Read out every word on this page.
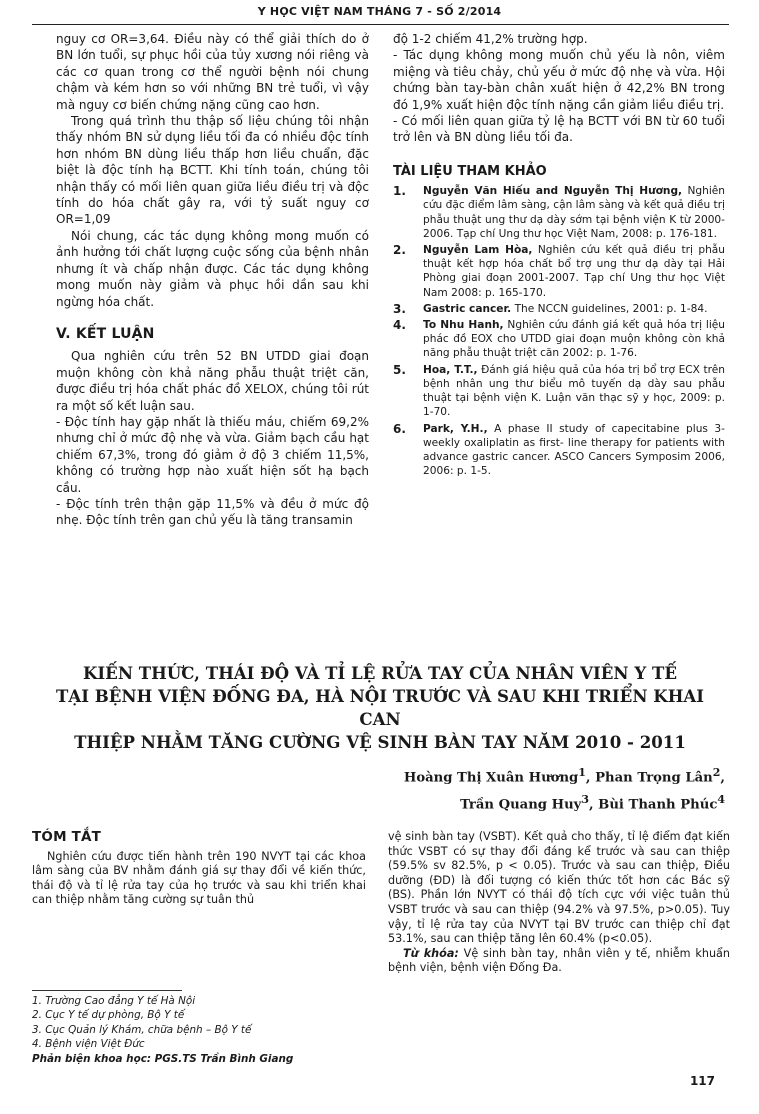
Y HỌC VIỆT NAM THÁNG 7 - SỐ 2/2014

nguy cơ OR=3,64. Điều này có thể giải thích do ở BN lớn tuổi, sự phục hồi của tủy xương nói riêng và các cơ quan trong cơ thể người bệnh nói chung chậm và kém hơn so với những BN trẻ tuổi, vì vậy mà nguy cơ biến chứng nặng cũng cao hơn.

Trong quá trình thu thập số liệu chúng tôi nhận thấy nhóm BN sử dụng liều tối đa có nhiều độc tính hơn nhóm BN dùng liều thấp hơn liều chuẩn, đặc biệt là độc tính hạ BCTT. Khi tính toán, chúng tôi nhận thấy có mối liên quan giữa liều điều trị và độc tính do hóa chất gây ra, với tỷ suất nguy cơ OR=1,09

Nói chung, các tác dụng không mong muốn có ảnh hưởng tới chất lượng cuộc sống của bệnh nhân nhưng ít và chấp nhận được. Các tác dụng không mong muốn này giảm và phục hồi dần sau khi ngừng hóa chất.

V. KẾT LUẬN

Qua nghiên cứu trên 52 BN UTDD giai đoạn muộn không còn khả năng phẫu thuật triệt căn, được điều trị hóa chất phác đồ XELOX, chúng tôi rút ra một số kết luận sau.

- Độc tính hay gặp nhất là thiếu máu, chiếm 69,2% nhưng chỉ ở mức độ nhẹ và vừa. Giảm bạch cầu hạt chiếm 67,3%, trong đó giảm ở độ 3 chiếm 11,5%, không có trường hợp nào xuất hiện sốt hạ bạch cầu.

- Độc tính trên thận gặp 11,5% và đều ở mức độ nhẹ. Độc tính trên gan chủ yếu là tăng transamin

độ 1-2 chiếm 41,2% trường hợp.

- Tác dụng không mong muốn chủ yếu là nôn, viêm miệng và tiêu chảy, chủ yếu ở mức độ nhẹ và vừa. Hội chứng bàn tay-bàn chân xuất hiện ở 42,2% BN trong đó 1,9% xuất hiện độc tính nặng cần giảm liều điều trị.

- Có mối liên quan giữa tỷ lệ hạ BCTT với BN từ 60 tuổi trở lên và BN dùng liều tối đa.

TÀI LIỆU THAM KHẢO

1. Nguyễn Văn Hiếu and Nguyễn Thị Hương, Nghiên cứu đặc điểm lâm sàng, cận lâm sàng và kết quả điều trị phẫu thuật ung thư dạ dày sớm tại bệnh viện K từ 2000-2006. Tạp chí Ung thư học Việt Nam, 2008: p. 176-181.
2. Nguyễn Lam Hòa, Nghiên cứu kết quả điều trị phẫu thuật kết hợp hóa chất bổ trợ ung thư dạ dày tại Hải Phòng giai đoạn 2001-2007. Tạp chí Ung thư học Việt Nam 2008: p. 165-170.
3. Gastric cancer. The NCCN guidelines, 2001: p. 1-84.
4. To Nhu Hanh, Nghiên cứu đánh giá kết quả hóa trị liệu phác đồ EOX cho UTDD giai đoạn muộn không còn khả năng phẫu thuật triệt căn 2002: p. 1-76.
5. Hoa, T.T., Đánh giá hiệu quả của hóa trị bổ trợ ECX trên bệnh nhân ung thư biểu mô tuyến dạ dày sau phẫu thuật tại bệnh viện K. Luận văn thạc sỹ y học, 2009: p. 1-70.
6. Park, Y.H., A phase II study of capecitabine plus 3-weekly oxaliplatin as first- line therapy for patients with advance gastric cancer. ASCO Cancers Symposim 2006, 2006: p. 1-5.
KIẾN THỨC, THÁI ĐỘ VÀ TỈ LỆ RỬA TAY CỦA NHÂN VIÊN Y TẾ
TẠI BỆNH VIỆN ĐỐNG ĐA, HÀ NỘI TRƯỚC VÀ SAU KHI TRIỂN KHAI CAN
THIỆP NHẰM TĂNG CƯỜNG VỆ SINH BÀN TAY NĂM 2010 - 2011
Hoàng Thị Xuân Hương$^1$, Phan Trọng Lân$^2$,
Trần Quang Huy$^3$, Bùi Thanh Phúc$^4$

TÓM TẮT

Nghiên cứu được tiến hành trên 190 NVYT tại các khoa lâm sàng của BV nhằm đánh giá sự thay đổi về kiến thức, thái độ và tỉ lệ rửa tay của họ trước và sau khi triển khai can thiệp nhằm tăng cường sự tuân thủ

vệ sinh bàn tay (VSBT). Kết quả cho thấy, tỉ lệ điểm đạt kiến thức VSBT có sự thay đổi đáng kể trước và sau can thiệp (59.5% sv 82.5%, p < 0.05). Trước và sau can thiệp, Điều dưỡng (ĐD) là đối tượng có kiến thức tốt hơn các Bác sỹ (BS). Phần lớn NVYT có thái độ tích cực với việc tuân thủ VSBT trước và sau can thiệp (94.2% và 97.5%, p>0.05). Tuy vậy, tỉ lệ rửa tay của NVYT tại BV trước can thiệp chỉ đạt 53.1%, sau can thiệp tăng lên 60.4% (p<0.05).

Từ khóa: Vệ sinh bàn tay, nhân viên y tế, nhiễm khuẩn bệnh viện, bệnh viện Đống Đa.

1. Trường Cao đẳng Y tế Hà Nội

2. Cục Y tế dự phòng, Bộ Y tế

3. Cục Quản lý Khám, chữa bệnh – Bộ Y tế

4. Bệnh viện Việt Đức

Phản biện khoa học: PGS.TS Trần Bình Giang

117
